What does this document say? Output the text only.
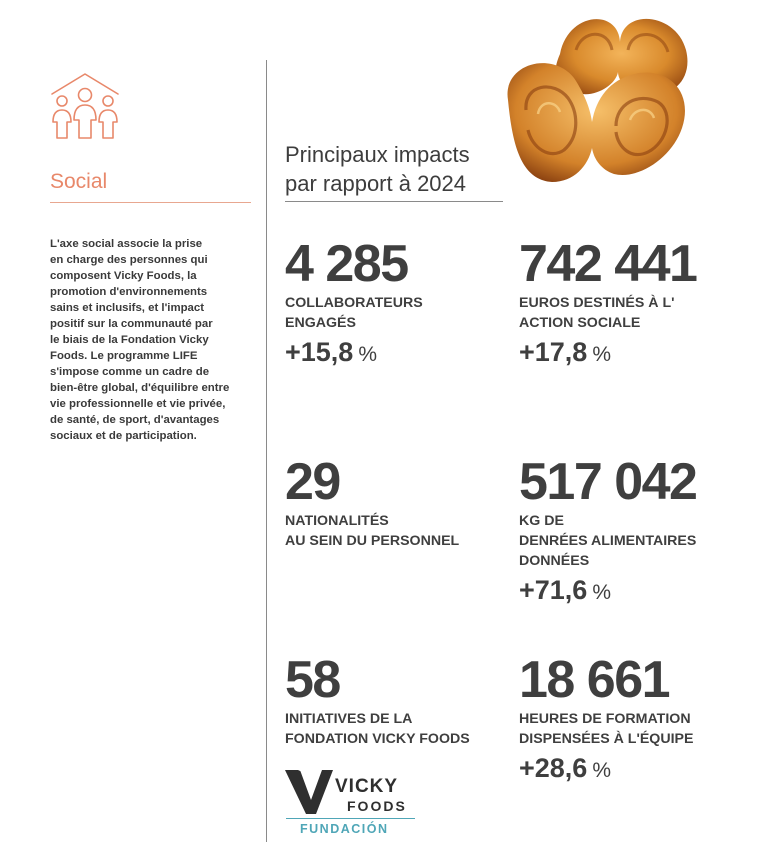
Social

L'axe social associe la prise
en charge des personnes qui
composent Vicky Foods, la
promotion d'environnements
sains et inclusifs, et l'impact
positif sur la communauté par
le biais de la Fondation Vicky
Foods. Le programme LIFE
s'impose comme un cadre de
bien-être global, d'équilibre entre
vie professionnelle et vie privée,
de santé, de sport, d'avantages
sociaux et de participation.

Principaux impacts
par rapport à 2024
4 285
COLLABORATEURS
ENGAGÉS
+15,8 %
742 441
EUROS DESTINÉS À L'
ACTION SOCIALE
+17,8 %
29
NATIONALITÉS
AU SEIN DU PERSONNEL
517 042
KG DE
DENRÉES ALIMENTAIRES
DONNÉES
+71,6 %
58
INITIATIVES DE LA
FONDATION VICKY FOODS
18 661
HEURES DE FORMATION
DISPENSÉES À L'ÉQUIPE
+28,6 %
VICKY
FOODS
FUNDACIÓN
